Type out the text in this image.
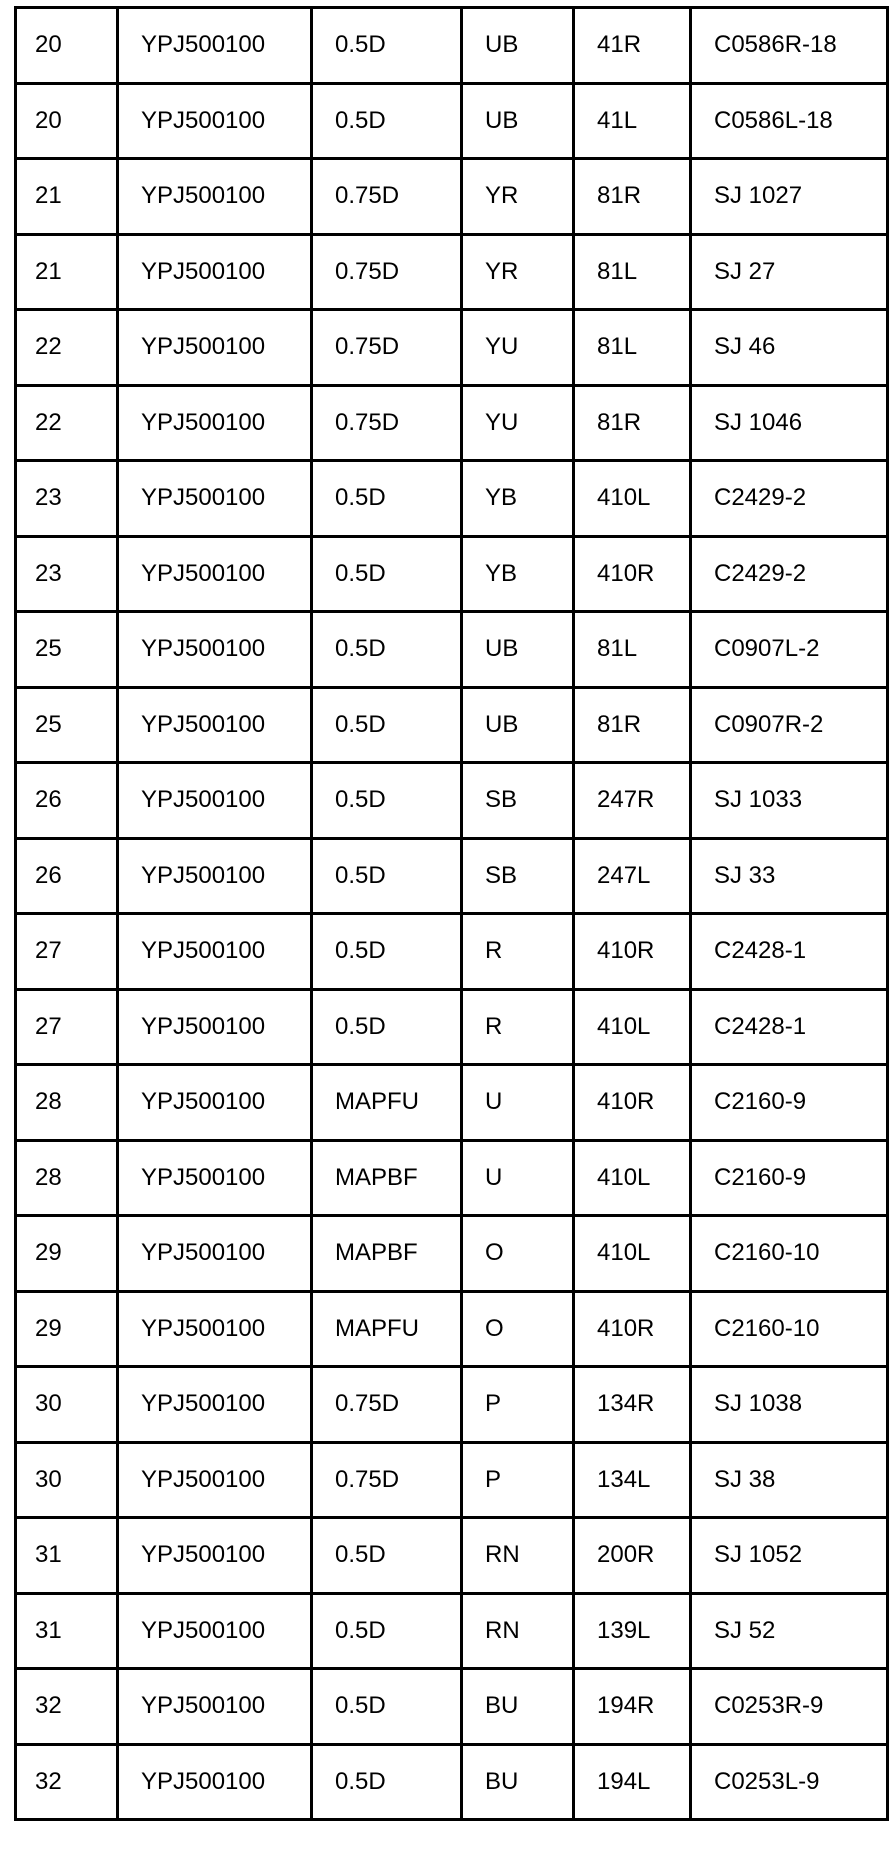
20	YPJ500100	0.5D	UB	41R	C0586R-18
20	YPJ500100	0.5D	UB	41L	C0586L-18
21	YPJ500100	0.75D	YR	81R	SJ 1027
21	YPJ500100	0.75D	YR	81L	SJ 27
22	YPJ500100	0.75D	YU	81L	SJ 46
22	YPJ500100	0.75D	YU	81R	SJ 1046
23	YPJ500100	0.5D	YB	410L	C2429-2
23	YPJ500100	0.5D	YB	410R	C2429-2
25	YPJ500100	0.5D	UB	81L	C0907L-2
25	YPJ500100	0.5D	UB	81R	C0907R-2
26	YPJ500100	0.5D	SB	247R	SJ 1033
26	YPJ500100	0.5D	SB	247L	SJ 33
27	YPJ500100	0.5D	R	410R	C2428-1
27	YPJ500100	0.5D	R	410L	C2428-1
28	YPJ500100	MAPFU	U	410R	C2160-9
28	YPJ500100	MAPBF	U	410L	C2160-9
29	YPJ500100	MAPBF	O	410L	C2160-10
29	YPJ500100	MAPFU	O	410R	C2160-10
30	YPJ500100	0.75D	P	134R	SJ 1038
30	YPJ500100	0.75D	P	134L	SJ 38
31	YPJ500100	0.5D	RN	200R	SJ 1052
31	YPJ500100	0.5D	RN	139L	SJ 52
32	YPJ500100	0.5D	BU	194R	C0253R-9
32	YPJ500100	0.5D	BU	194L	C0253L-9
